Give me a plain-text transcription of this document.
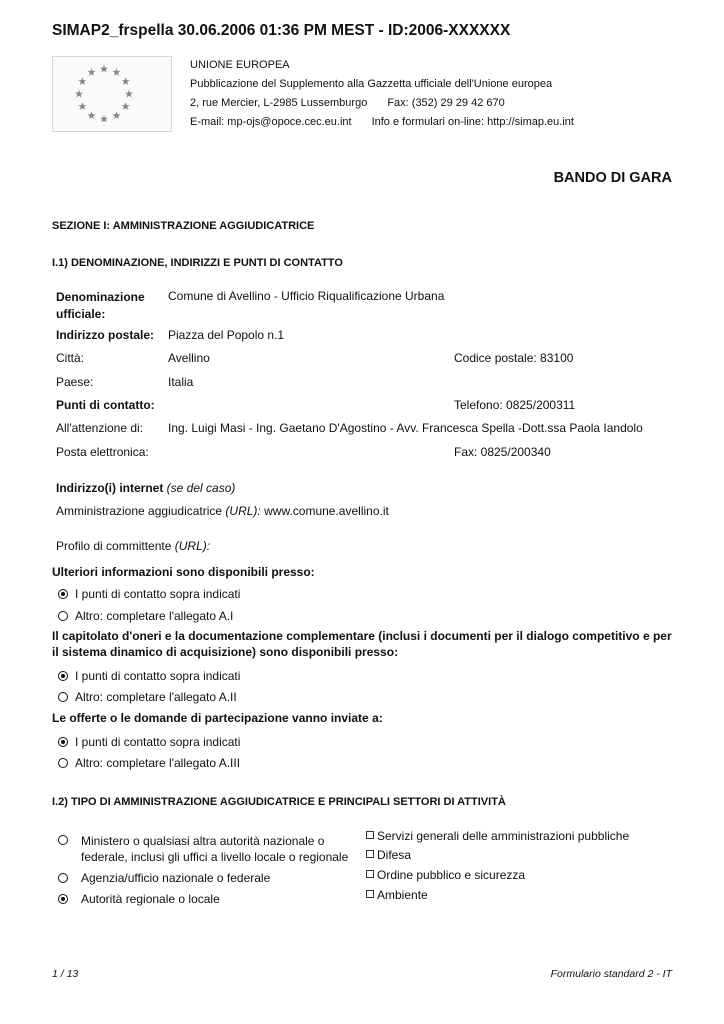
SIMAP2_frspella 30.06.2006 01:36 PM MEST - ID:2006-XXXXXX
UNIONE EUROPEA
Pubblicazione del Supplemento alla Gazzetta ufficiale dell'Unione europea
2, rue Mercier, L-2985 Lussemburgo Fax: (352) 29 29 42 670
E-mail: mp-ojs@opoce.cec.eu.int Info e formulari on-line: http://simap.eu.int
BANDO DI GARA
SEZIONE I: AMMINISTRAZIONE AGGIUDICATRICE
I.1) DENOMINAZIONE, INDIRIZZI E PUNTI DI CONTATTO
Denominazione ufficiale:
Comune di Avellino - Ufficio Riqualificazione Urbana
Indirizzo postale: Piazza del Popolo n.1
Città:	Avellino	Codice postale: 83100
Paese:	Italia
Punti di contatto:	Telefono: 0825/200311
All'attenzione di: Ing. Luigi Masi - Ing. Gaetano D'Agostino - Avv. Francesca Spella -Dott.ssa Paola Iandolo
Posta elettronica:	Fax: 0825/200340
Indirizzo(i) internet (se del caso)
Amministrazione aggiudicatrice (URL): www.comune.avellino.it
Profilo di committente (URL):
Ulteriori informazioni sono disponibili presso:
I punti di contatto sopra indicati
Altro: completare l'allegato A.I
Il capitolato d'oneri e la documentazione complementare (inclusi i documenti per il dialogo competitivo e per il sistema dinamico di acquisizione) sono disponibili presso:
I punti di contatto sopra indicati
Altro: completare l'allegato A.II
Le offerte o le domande di partecipazione vanno inviate a:
I punti di contatto sopra indicati
Altro: completare l'allegato A.III
I.2) TIPO DI AMMINISTRAZIONE AGGIUDICATRICE E PRINCIPALI SETTORI DI ATTIVITÀ
Ministero o qualsiasi altra autorità nazionale o federale, inclusi gli uffici a livello locale o regionale
Agenzia/ufficio nazionale o federale
Autorità regionale o locale
Servizi generali delle amministrazioni pubbliche
Difesa
Ordine pubblico e sicurezza
Ambiente
1 / 13	Formulario standard 2 - IT
